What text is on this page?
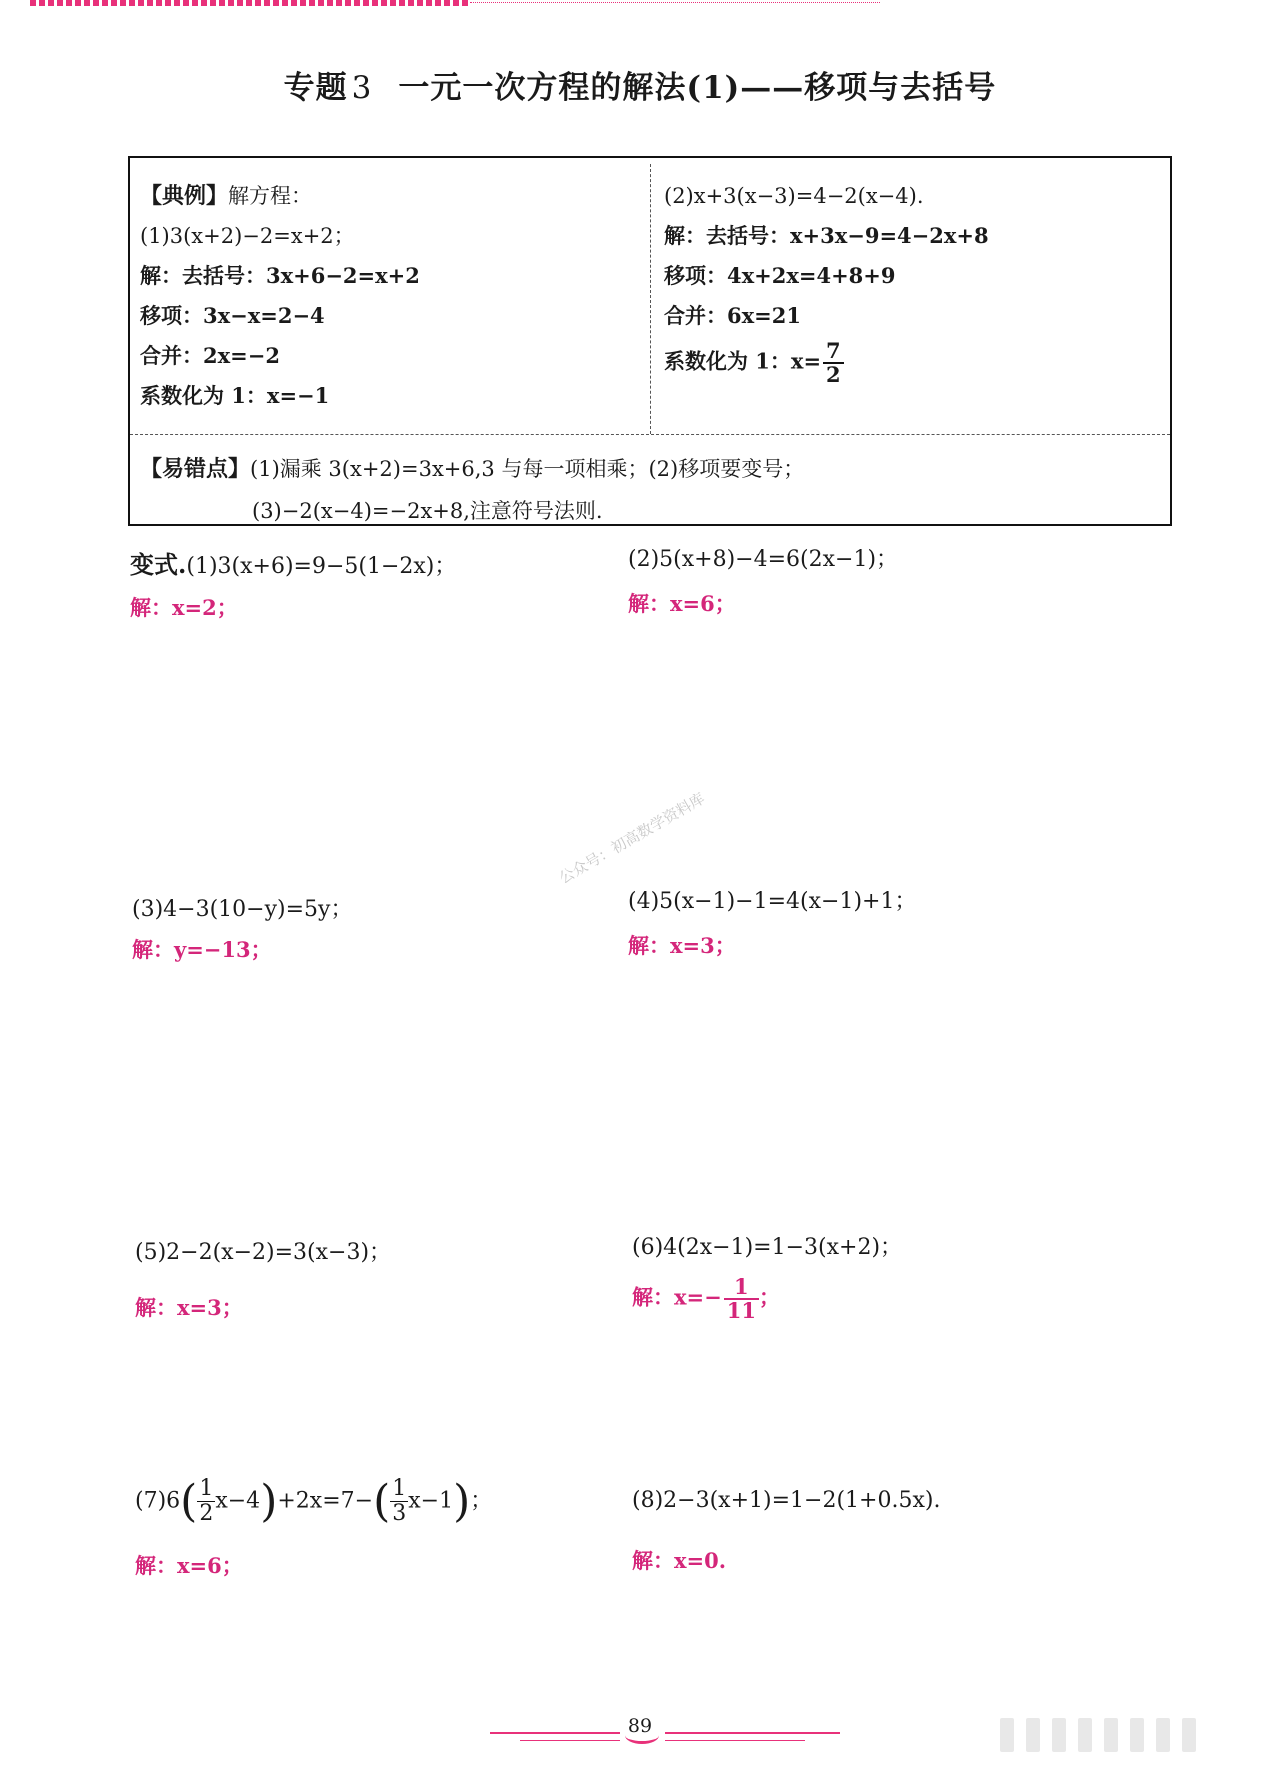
专题 3 一元一次方程的解法(1)——移项与去括号
【典例】解方程：
(1)3(x+2)−2=x+2；
解：去括号：3x+6−2=x+2
移项：3x−x=2−4
合并：2x=−2
系数化为 1：x=−1
(2)x+3(x−3)=4−2(x−4).
解：去括号：x+3x−9=4−2x+8
移项：4x+2x=4+8+9
合并：6x=21
系数化为 1：$x= \frac{7}{2}$
【易错点】(1)漏乘 3(x+2)=3x+6,3 与每一项相乘；(2)移项要变号；
(3)−2(x−4)=−2x+8,注意符号法则.
变式.(1)3(x+6)=9−5(1−2x)；
解：x=2；
(2)5(x+8)−4=6(2x−1)；
解：x=6；
(3)4−3(10−y)=5y；
解：y=−13；
(4)5(x−1)−1=4(x−1)+1；
解：x=3；
(5)2−2(x−2)=3(x−3)；
解：x=3；
(6)4(2x−1)=1−3(x+2)；
解：$x=- \frac{1}{11}$ ；
$(7)6( \frac{1}{2} x-4)+2x=7-( \frac{1}{3} x-1)$；
解：x=6；
(8)2−3(x+1)=1−2(1+0.5x).
解：x=0.
公众号：初高数学资料库
89
